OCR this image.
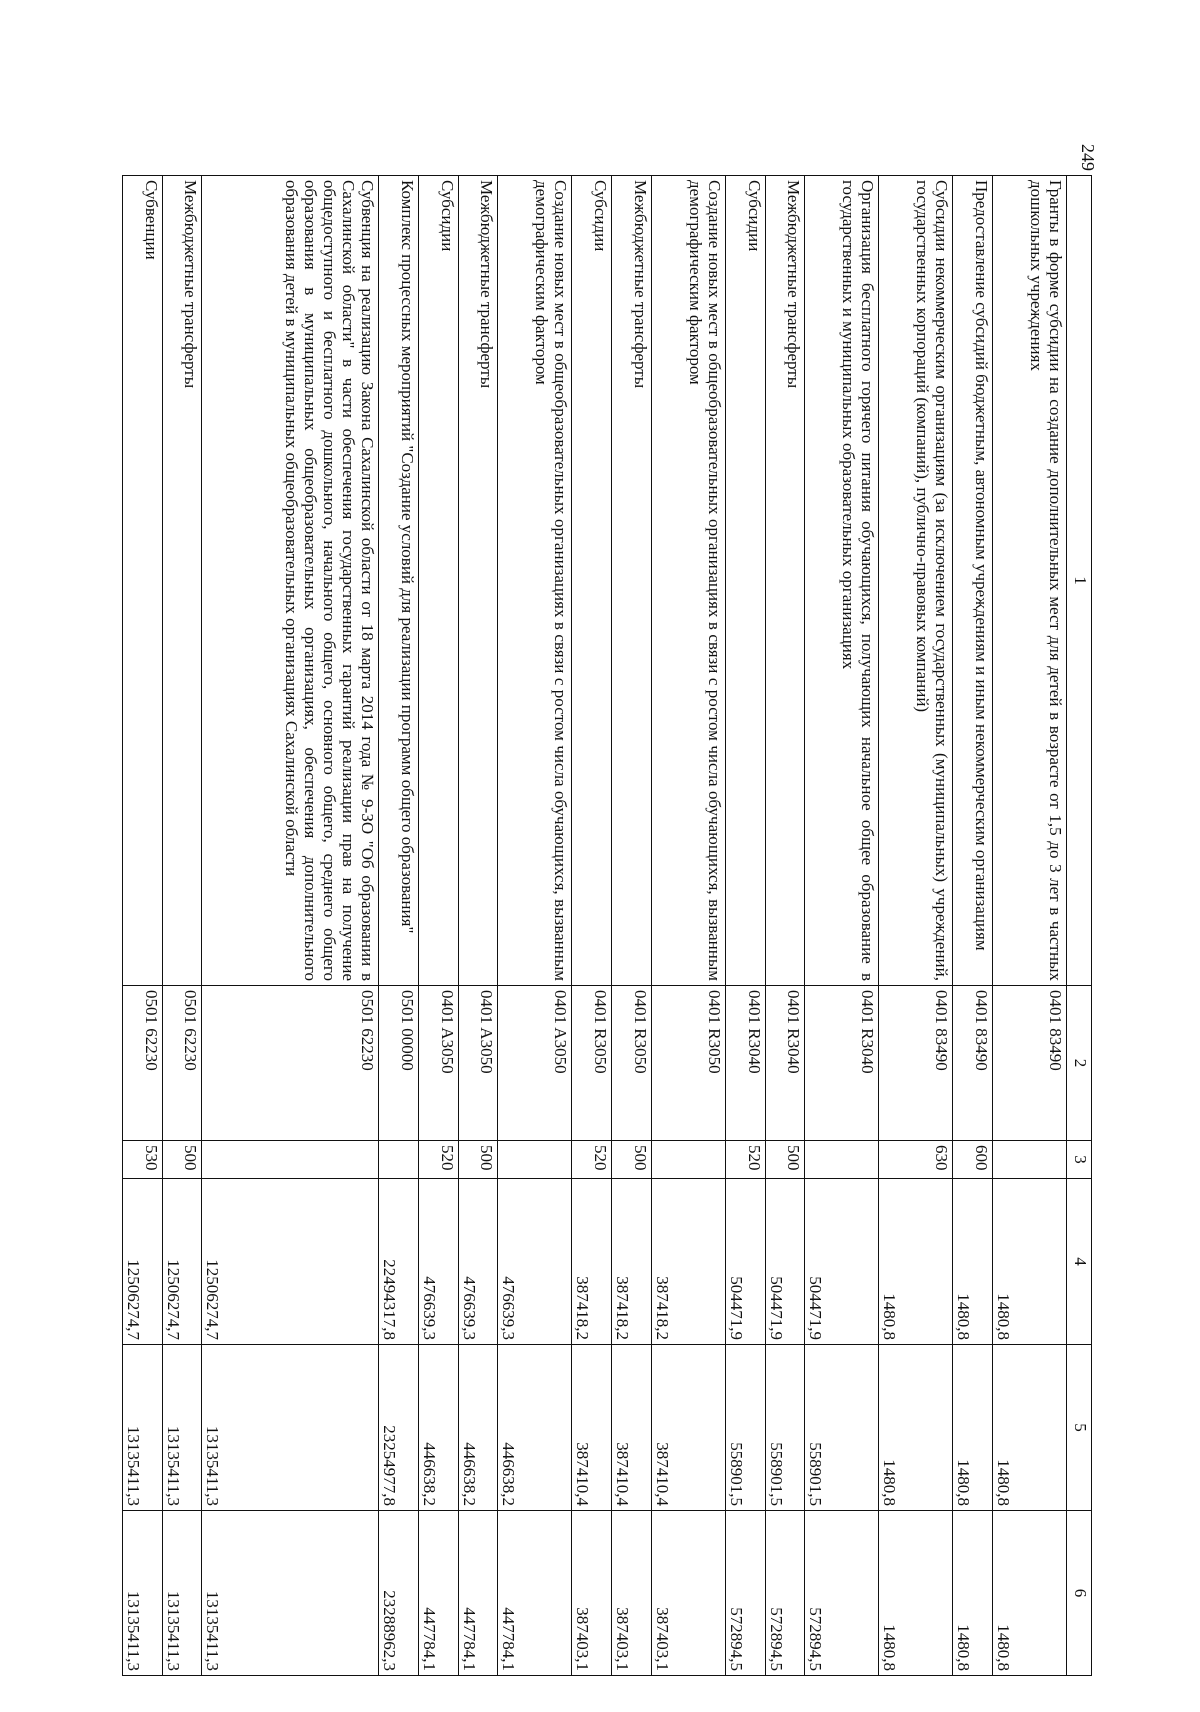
249
1	2	3	4	5	6
Гранты в форме субсидии на создание дополнительных мест для детей в возрасте от 1,5 до 3 лет в частных дошкольных учреждениях	0401 83490		1480,8	1480,8	1480,8
Предоставление субсидий бюджетным, автономным учреждениям и иным некоммерческим организациям	0401 83490	600	1480,8	1480,8	1480,8
Субсидии некоммерческим организациям (за исключением государственных (муниципальных) учреждений, государственных корпораций (компаний), публично-правовых компаний)	0401 83490	630	1480,8	1480,8	1480,8
Организация бесплатного горячего питания обучающихся, получающих начальное общее образование в государственных и муниципальных образовательных организациях	0401 R3040		504471,9	558901,5	572894,5
Межбюджетные трансферты	0401 R3040	500	504471,9	558901,5	572894,5
Субсидии	0401 R3040	520	504471,9	558901,5	572894,5
Создание новых мест в общеобразовательных организациях в связи с ростом числа обучающихся, вызванным демографическим фактором	0401 R3050		387418,2	387410,4	387403,1
Межбюджетные трансферты	0401 R3050	500	387418,2	387410,4	387403,1
Субсидии	0401 R3050	520	387418,2	387410,4	387403,1
Создание новых мест в общеобразовательных организациях в связи с ростом числа обучающихся, вызванным демографическим фактором	0401 A3050		476639,3	446638,2	447784,1
Межбюджетные трансферты	0401 A3050	500	476639,3	446638,2	447784,1
Субсидии	0401 A3050	520	476639,3	446638,2	447784,1
Комплекс процессных мероприятий "Создание условий для реализации программ общего образования"	0501 00000		22494317,8	23254977,8	23288962,3
Субвенция на реализацию Закона Сахалинской области от 18 марта 2014 года № 9-ЗО "Об образовании в Сахалинской области" в части обеспечения государственных гарантий реализации прав на получение общедоступного и бесплатного дошкольного, начального общего, основного общего, среднего общего образования в муниципальных общеобразовательных организациях, обеспечения дополнительного образования детей в муниципальных общеобразовательных организациях Сахалинской области	0501 62230		12506274,7	13135411,3	13135411,3
Межбюджетные трансферты	0501 62230	500	12506274,7	13135411,3	13135411,3
Субвенции	0501 62230	530	12506274,7	13135411,3	13135411,3
